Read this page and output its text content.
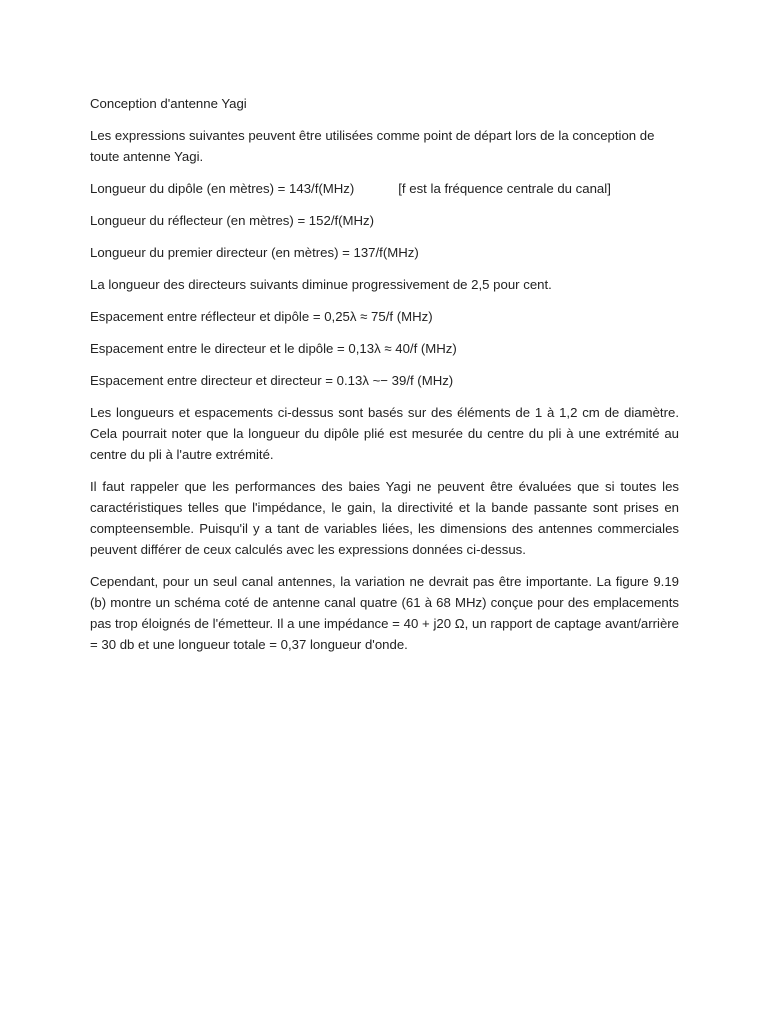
Conception d'antenne Yagi

Les expressions suivantes peuvent être utilisées comme point de départ lors de la conception de toute antenne Yagi.

Longueur du dipôle (en mètres) = 143/f(MHz)	[f est la fréquence centrale du canal]

Longueur du réflecteur (en mètres) = 152/f(MHz)

Longueur du premier directeur (en mètres) = 137/f(MHz)

La longueur des directeurs suivants diminue progressivement de 2,5 pour cent.

Espacement entre réflecteur et dipôle = 0,25λ ≈ 75/f (MHz)

Espacement entre le directeur et le dipôle = 0,13λ ≈ 40/f (MHz)

Espacement entre directeur et directeur = 0.13λ ~− 39/f (MHz)

Les longueurs et espacements ci-dessus sont basés sur des éléments de 1 à 1,2 cm de diamètre. Cela pourrait noter que la longueur du dipôle plié est mesurée du centre du pli à une extrémité au centre du pli à l'autre extrémité.

Il faut rappeler que les performances des baies Yagi ne peuvent être évaluées que si toutes les caractéristiques telles que l'impédance, le gain, la directivité et la bande passante sont prises en compteensemble. Puisqu'il y a tant de variables liées, les dimensions des antennes commerciales peuvent différer de ceux calculés avec les expressions données ci-dessus.

Cependant, pour un seul canal antennes, la variation ne devrait pas être importante. La figure 9.19 (b) montre un schéma coté de antenne canal quatre (61 à 68 MHz) conçue pour des emplacements pas trop éloignés de l'émetteur. Il a une impédance = 40 + j20 Ω, un rapport de captage avant/arrière = 30 db et une longueur totale = 0,37 longueur d'onde.
